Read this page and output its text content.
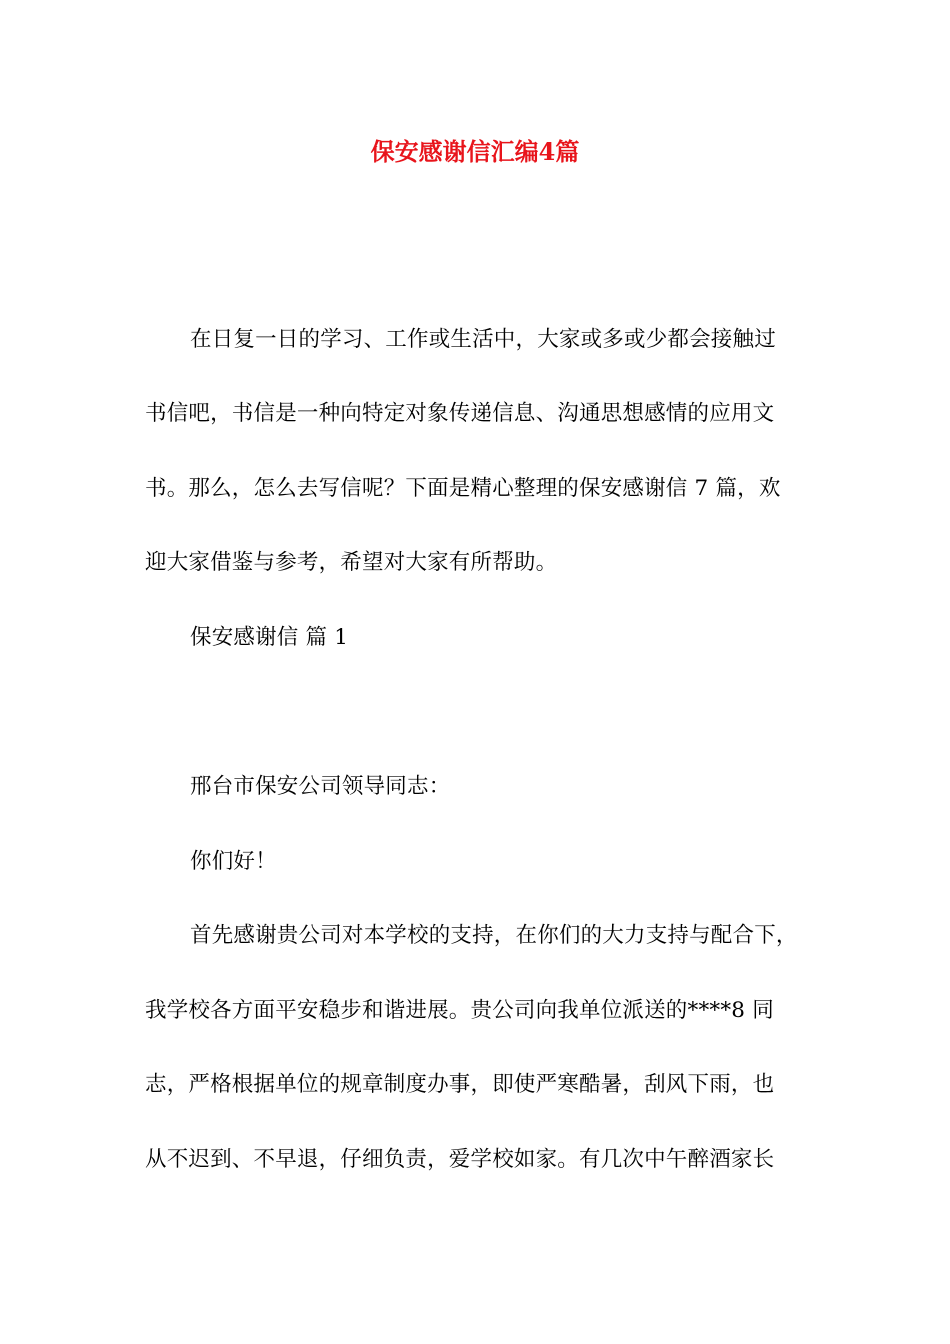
保安感谢信汇编4篇
在日复一日的学习、工作或生活中，大家或多或少都会接触过
书信吧，书信是一种向特定对象传递信息、沟通思想感情的应用文
书。那么，怎么去写信呢？下面是精心整理的保安感谢信 7 篇，欢
迎大家借鉴与参考，希望对大家有所帮助。
保安感谢信 篇 1
邢台市保安公司领导同志：
你们好！
首先感谢贵公司对本学校的支持，在你们的大力支持与配合下，
我学校各方面平安稳步和谐进展。贵公司向我单位派送的****8 同
志，严格根据单位的规章制度办事，即使严寒酷暑，刮风下雨，也
从不迟到、不早退，仔细负责，爱学校如家。有几次中午醉酒家长
